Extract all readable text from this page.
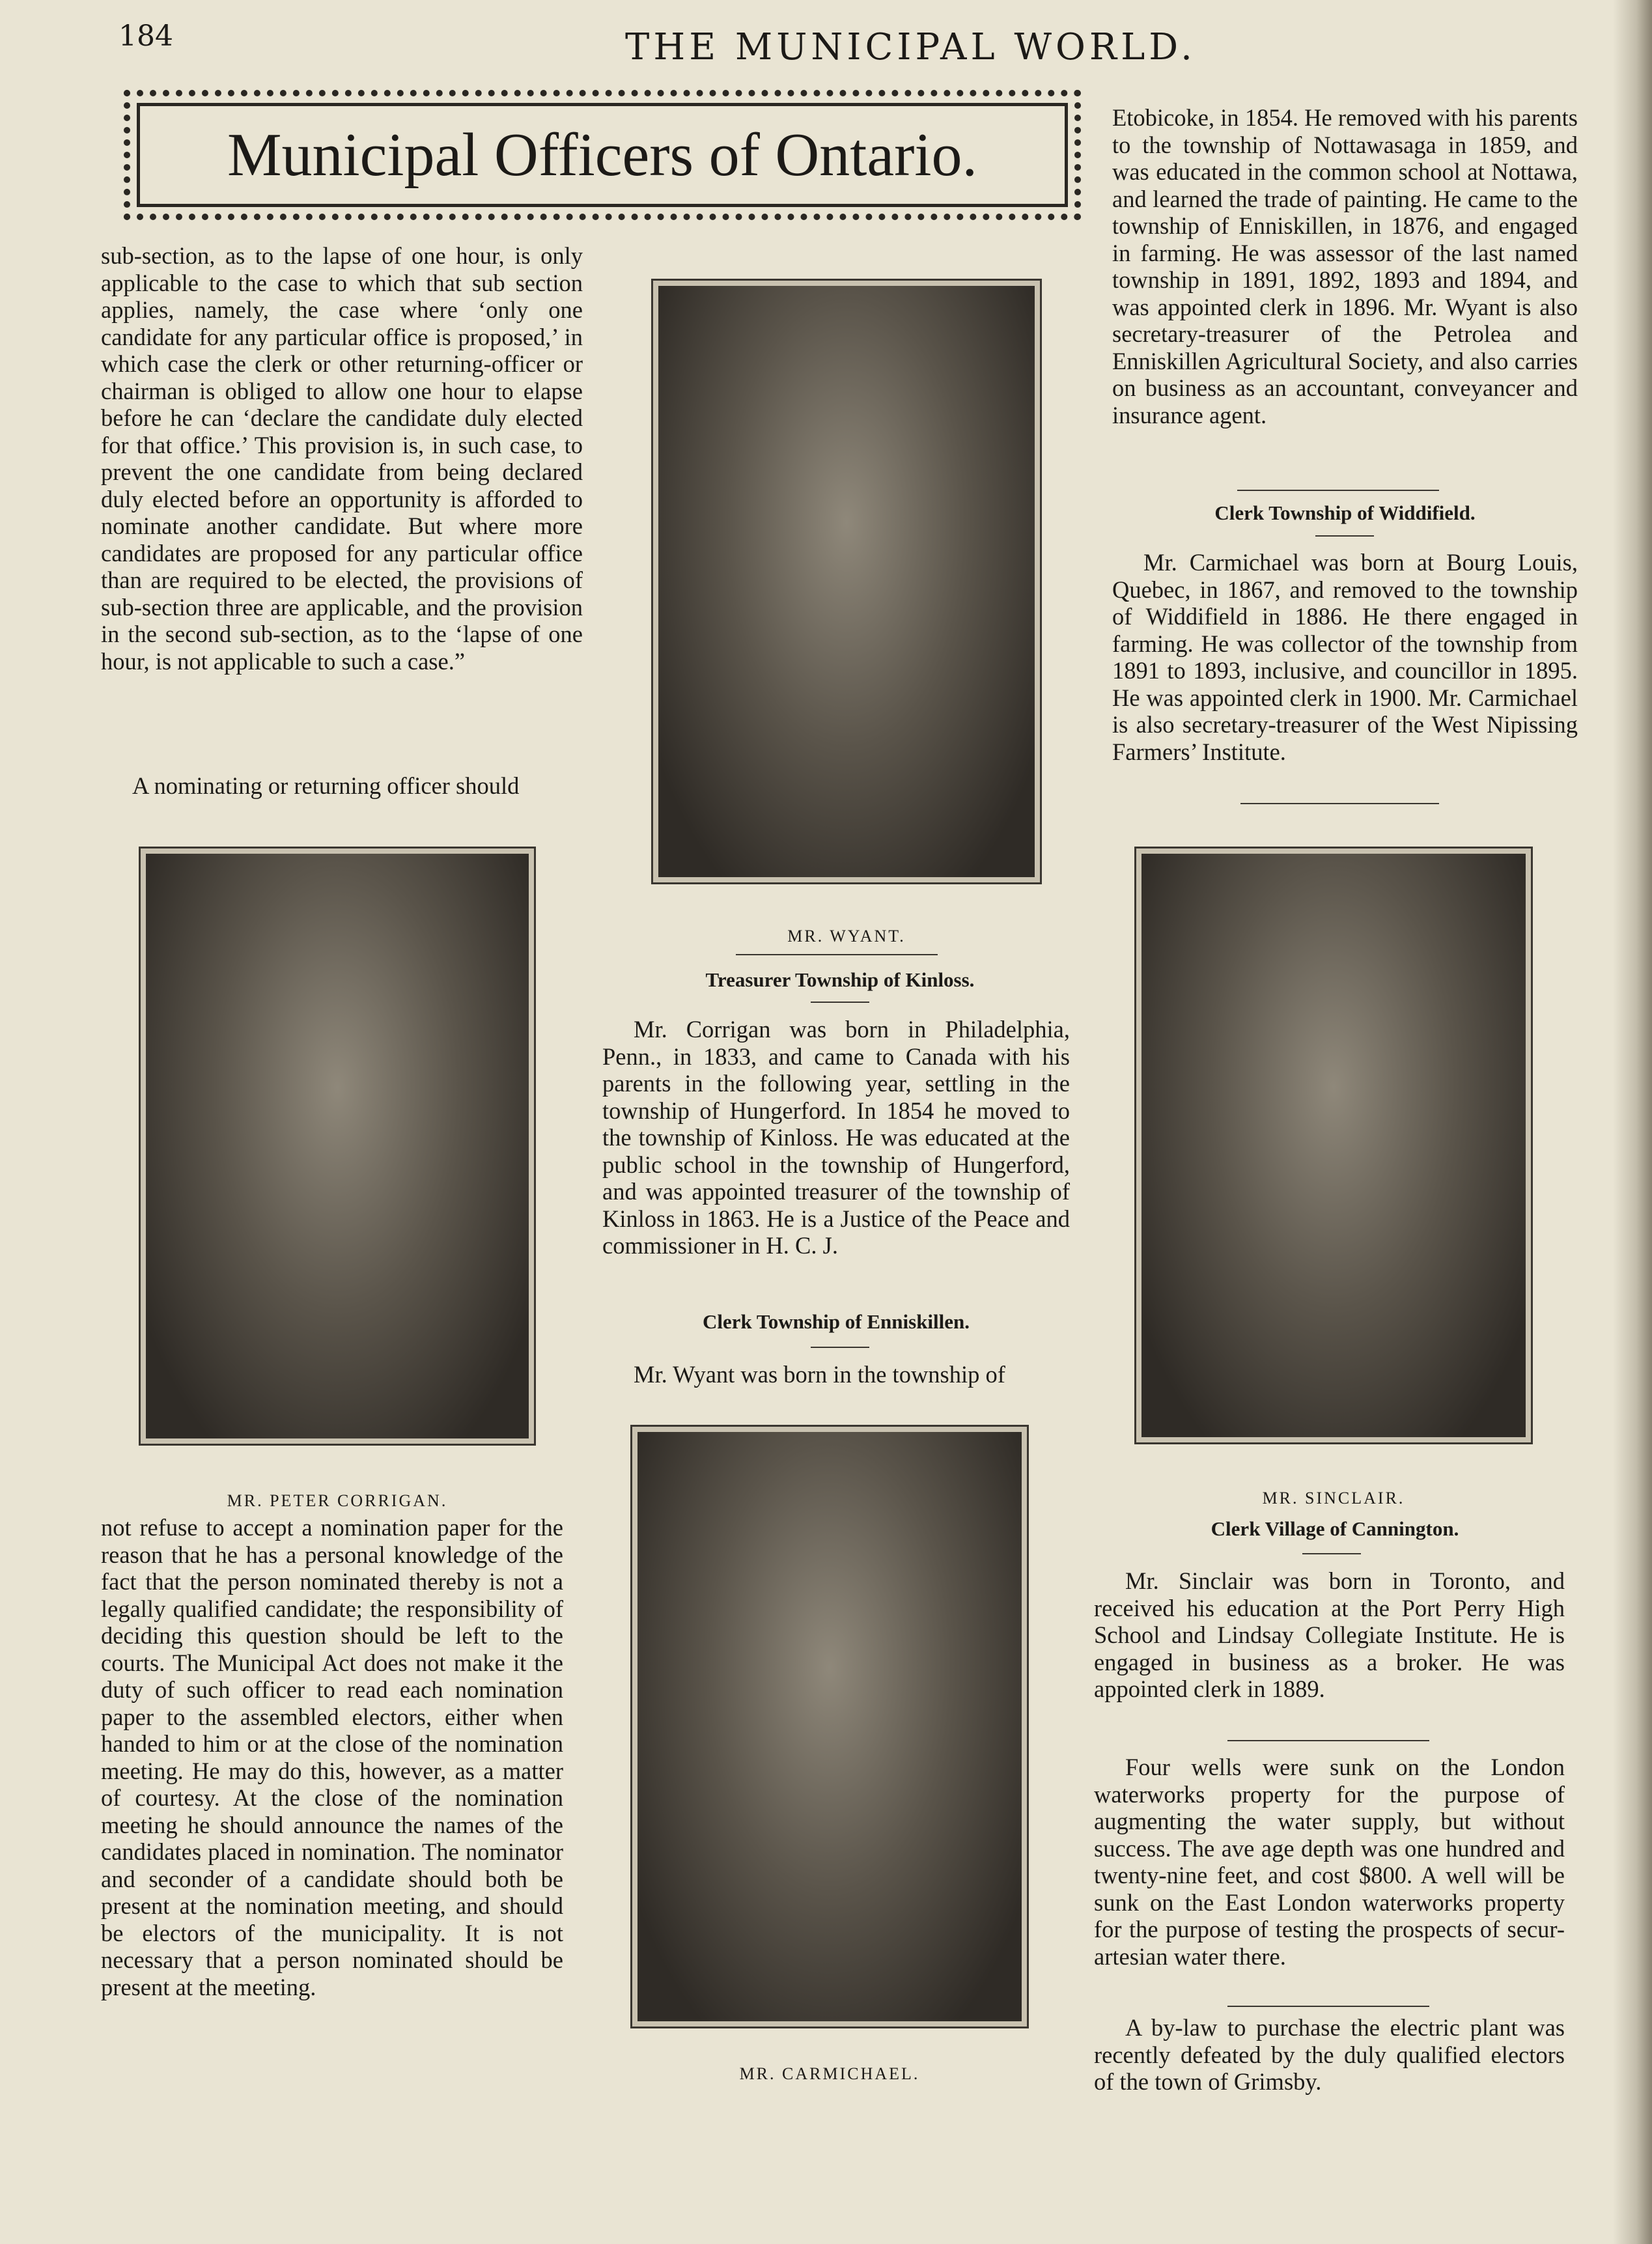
184	THE MUNICIPAL WORLD.
Municipal Officers of Ontario.

sub-section, as to the lapse of one hour, is only applicable to the case to which that sub section applies, namely, the case where ‘only one candidate for any particular office is proposed,’ in which case the clerk or other returning-officer or chairman is obliged to allow one hour to elapse before he can ‘declare the candidate duly elected for that office.’ This provision is, in such case, to prevent the one candidate from being declared duly elected before an opportunity is afforded to nominate another candidate. But where more candidates are proposed for any particular office than are required to be elected, the provisions of sub-section three are applicable, and the provision in the second sub-section, as to the ‘lapse of one hour, is not applicable to such a case.”

A nominating or returning officer should

MR. PETER CORRIGAN.

not refuse to accept a nomination paper for the reason that he has a personal knowledge of the fact that the person nominated thereby is not a legally qualified candidate; the responsibility of deciding this question should be left to the courts. The Municipal Act does not make it the duty of such officer to read each nomination paper to the assembled electors, either when handed to him or at the close of the nomination meeting. He may do this, however, as a matter of courtesy. At the close of the nomination meeting he should announce the names of the candidates placed in nomination. The nominator and seconder of a candidate should both be present at the nomination meeting, and should be electors of the municipality. It is not necessary that a person nominated should be present at the meeting.

MR. WYANT.
Treasurer Township of Kinloss.

Mr. Corrigan was born in Philadelphia, Penn., in 1833, and came to Canada with his parents in the following year, settling in the township of Hungerford. In 1854 he moved to the township of Kinloss. He was educated at the public school in the township of Hungerford, and was appointed treasurer of the township of Kinloss in 1863. He is a Justice of the Peace and commissioner in H. C. J.

Clerk Township of Enniskillen.

Mr. Wyant was born in the township of

MR. CARMICHAEL.

Etobicoke, in 1854. He removed with his parents to the township of Nottawasaga in 1859, and was educated in the common school at Nottawa, and learned the trade of painting. He came to the township of Enniskillen, in 1876, and engaged in farming. He was assessor of the last named township in 1891, 1892, 1893 and 1894, and was appointed clerk in 1896. Mr. Wyant is also secretary-treasurer of the Petrolea and Enniskillen Agricultural Society, and also carries on business as an accountant, conveyancer and insurance agent.

Clerk Township of Widdifield.

Mr. Carmichael was born at Bourg Louis, Quebec, in 1867, and removed to the township of Widdifield in 1886. He there engaged in farming. He was collector of the township from 1891 to 1893, inclusive, and councillor in 1895. He was appointed clerk in 1900. Mr. Carmichael is also secretary-treasurer of the West Nipissing Farmers’ Institute.

MR. SINCLAIR.
Clerk Village of Cannington.

Mr. Sinclair was born in Toronto, and received his education at the Port Perry High School and Lindsay Collegiate Institute. He is engaged in business as a broker. He was appointed clerk in 1889.

Four wells were sunk on the London waterworks property for the purpose of augmenting the water supply, but without success. The ave age depth was one hundred and twenty-nine feet, and cost $800. A well will be sunk on the East London waterworks property for the purpose of testing the prospects of secur-artesian water there.

A by-law to purchase the electric plant was recently defeated by the duly qualified electors of the town of Grimsby.
